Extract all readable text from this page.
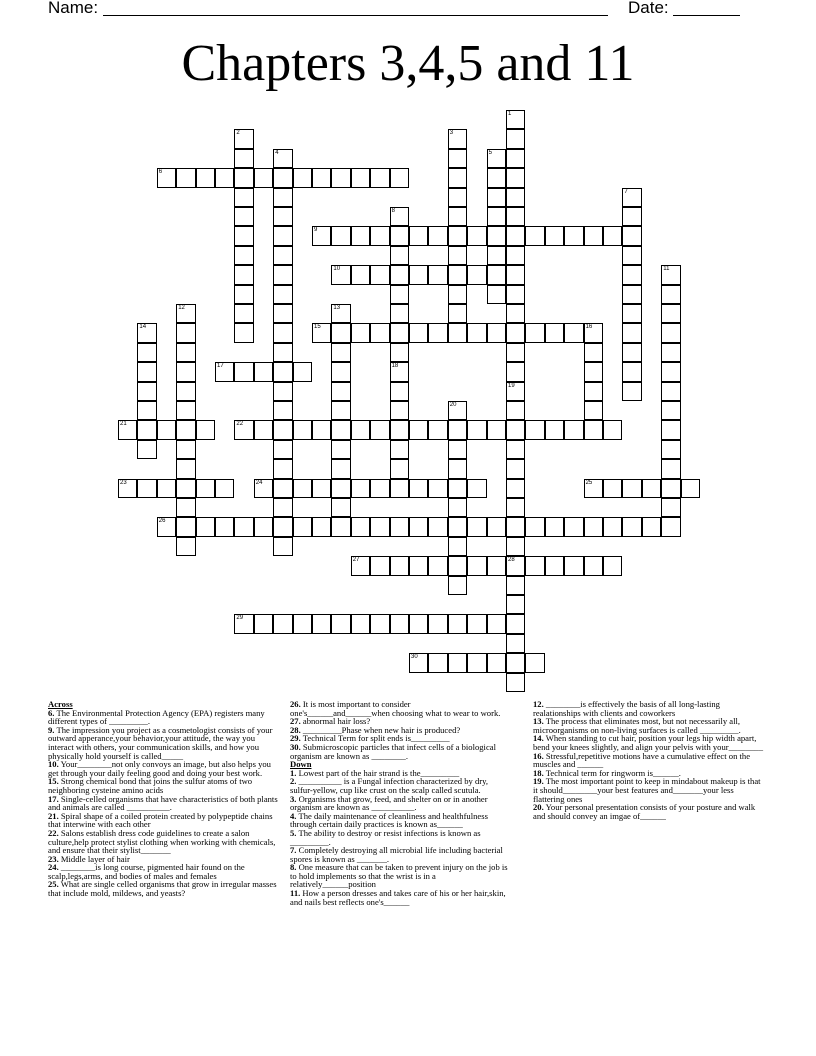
Name:	Date:
Chapters 3,4,5 and 11
1
19
28
2	3
4	5
6
7
8
18
9
10	11
12	13
14	15	16
17
20
21	22
23	24	25
26
27
29
30
Across
6. The Environmental Protection Agency (EPA) registers many different types of _________.
9. The impression you project as a cosmetologist consists of your outward apperance,your behavior,your attitude, the way you interact with others, your communication skills, and how you physically hold yourself is called_____
10. Your________not only convoys an image, but also helps you get through your daily feeling good and doing your best work.
15. Strong chemical bond that joins the sulfur atoms of two neighboring cysteine amino acids
17. Single-celled organisms that have characteristics of both plants and animals are called __________.
21. Spiral shape of a coiled protein created by polypeptide chains that interwine with each other
22. Salons establish dress code guidelines to create a salon culture,help protect stylist clothing when working with chemicals, and ensure that their stylist_______
23. Middle layer of hair
24. ________is long course, pigmented hair found on the scalp,legs,arms, and bodies of males and females
25. What are single celled organisms that grow in irregular masses that include mold, mildews, and yeasts?
26. It is most important to consider one's______and______when choosing what to wear to work.
27. abnormal hair loss?
28. _________Phase when new hair is produced?
29. Technical Term for split ends is_________
30. Submicroscopic particles that infect cells of a biological organism are known as ________.
Down
1. Lowest part of the hair strand is the_________
2. __________ is a Fungal infection characterized by dry, sulfur-yellow, cup like crust on the scalp called scutula.
3. Organisms that grow, feed, and shelter on or in another organism are known as __________.
4. The daily maintenance of cleanliness and healthfulness through certain daily practices is known as______
5. The ability to destroy or resist infections is known as _________.
7. Completely destroying all microbial life including bacterial spores is known as _______.
8. One measure that can be taken to prevent injury on the job is to hold implements so that the wrist is in a relatively______position
11. How a person dresses and takes care of his or her hair,skin, and nails best reflects one's______
12. ________is effectively the basis of all long-lasting realationships with clients and coworkers
13. The process that eliminates most, but not necessarily all, microorganisms on non-living surfaces is called _________.
14. When standing to cut hair, position your legs hip width apart, bend your knees slightly, and align your pelvis with your________
16. Stressful,repetitive motions have a cumulative effect on the muscles and ______
18. Technical term for ringworm is______.
19. The most important point to keep in mindabout makeup is that it should________your best features and_______your less flattering ones
20. Your personal presentation consists of your posture and walk and should convey an imgae of______
